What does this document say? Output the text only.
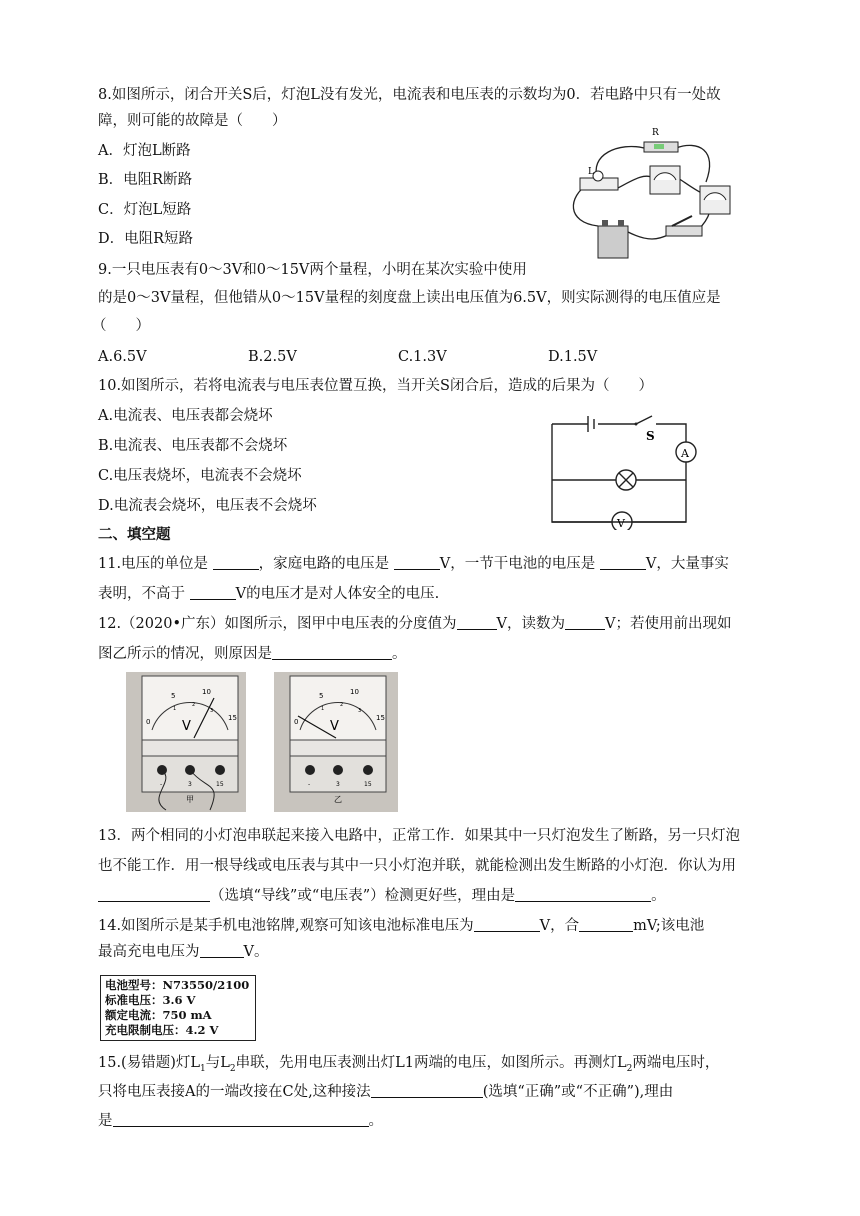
8.如图所示，闭合开关S后，灯泡L没有发光，电流表和电压表的示数均为0．若电路中只有一处故
障，则可能的故障是（　　）
A．灯泡L断路
B．电阻R断路
C．灯泡L短路
D．电阻R短路
R
L
9.一只电压表有0～3V和0～15V两个量程，小明在某次实验中使用
的是0～3V量程，但他错从0～15V量程的刻度盘上读出电压值为6.5V，则实际测得的电压值应是
（　　）
A.6.5V	B.2.5V	C.1.3V	D.1.5V
10.如图所示，若将电流表与电压表位置互换，当开关S闭合后，造成的后果为（　　）
A.电流表、电压表都会烧坏
B.电流表、电压表都不会烧坏
C.电压表烧坏，电流表不会烧坏
D.电流表会烧坏，电压表不会烧坏
S
A
V
二、填空题
11.电压的单位是	，家庭电路的电压是	V，一节干电池的电压是	V，大量事实
表明，不高于	V的电压才是对人体安全的电压.
12.（2020•广东）如图所示，图甲中电压表的分度值为	V，读数为	V；若使用前出现如
图乙所示的情况，则原因是	。
0
5	10
15
1
2
3
V
-	3	15
甲
0
5	10
15
1
2
3
V
-	3	15
乙
13．两个相同的小灯泡串联起来接入电路中，正常工作．如果其中一只灯泡发生了断路，另一只灯泡
也不能工作．用一根导线或电压表与其中一只小灯泡并联，就能检测出发生断路的小灯泡．你认为用
（选填“导线”或“电压表”）检测更好些，理由是	。
14.如图所示是某手机电池铭牌,观察可知该电池标准电压为	V，合	mV;该电池
最高充电电压为	V。
电池型号：N73550/2100
标准电压：3.6 V
额定电流：750 mA
充电限制电压：4.2 V
15.(易错题)灯$L_1$与$L_2$串联，先用电压表测出灯L1两端的电压，如图所示。再测灯$L_2$两端电压时，
只将电压表接A的一端改接在C处,这种接法	(选填“正确”或“不正确”),理由
是	。
